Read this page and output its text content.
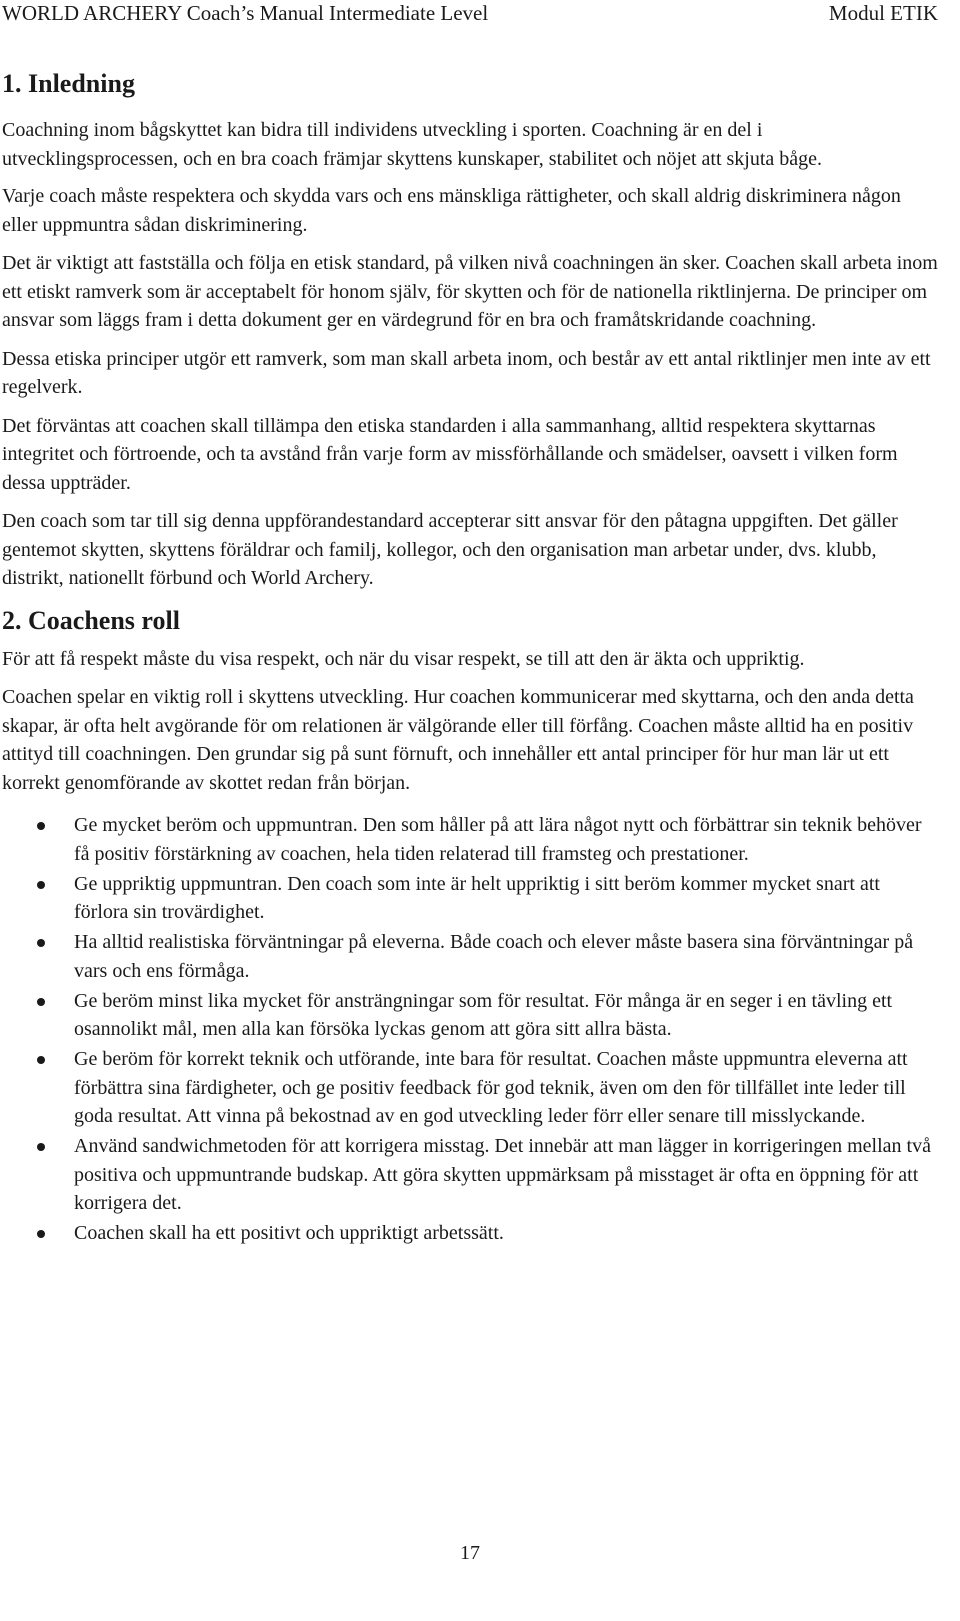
WORLD ARCHERY Coach’s Manual Intermediate Level	Modul ETIK
1. Inledning

Coachning inom bågskyttet kan bidra till individens utveckling i sporten. Coachning är en del i utvecklingsprocessen, och en bra coach främjar skyttens kunskaper, stabilitet och nöjet att skjuta båge.

Varje coach måste respektera och skydda vars och ens mänskliga rättigheter, och skall aldrig diskriminera någon eller uppmuntra sådan diskriminering.

Det är viktigt att fastställa och följa en etisk standard, på vilken nivå coachningen än sker. Coachen skall arbeta inom ett etiskt ramverk som är acceptabelt för honom själv, för skytten och för de nationella riktlinjerna. De principer om ansvar som läggs fram i detta dokument ger en värdegrund för en bra och framåtskridande coachning.

Dessa etiska principer utgör ett ramverk, som man skall arbeta inom, och består av ett antal riktlinjer men inte av ett regelverk.

Det förväntas att coachen skall tillämpa den etiska standarden i alla sammanhang, alltid respektera skyttarnas integritet och förtroende, och ta avstånd från varje form av missförhållande och smädelser, oavsett i vilken form dessa uppträder.

Den coach som tar till sig denna uppförandestandard accepterar sitt ansvar för den påtagna uppgiften. Det gäller gentemot skytten, skyttens föräldrar och familj, kollegor, och den organisation man arbetar under, dvs. klubb, distrikt, nationellt förbund och World Archery.

2. Coachens roll

För att få respekt måste du visa respekt, och när du visar respekt, se till att den är äkta och uppriktig.

Coachen spelar en viktig roll i skyttens utveckling. Hur coachen kommunicerar med skyttarna, och den anda detta skapar, är ofta helt avgörande för om relationen är välgörande eller till förfång. Coachen måste alltid ha en positiv attityd till coachningen. Den grundar sig på sunt förnuft, och innehåller ett antal principer för hur man lär ut ett korrekt genomförande av skottet redan från början.

Ge mycket beröm och uppmuntran. Den som håller på att lära något nytt och förbättrar sin teknik behöver få positiv förstärkning av coachen, hela tiden relaterad till framsteg och prestationer.
Ge uppriktig uppmuntran. Den coach som inte är helt uppriktig i sitt beröm kommer mycket snart att förlora sin trovärdighet.
Ha alltid realistiska förväntningar på eleverna. Både coach och elever måste basera sina förväntningar på vars och ens förmåga.
Ge beröm minst lika mycket för ansträngningar som för resultat. För många är en seger i en tävling ett osannolikt mål, men alla kan försöka lyckas genom att göra sitt allra bästa.
Ge beröm för korrekt teknik och utförande, inte bara för resultat. Coachen måste uppmuntra eleverna att förbättra sina färdigheter, och ge positiv feedback för god teknik, även om den för tillfället inte leder till goda resultat. Att vinna på bekostnad av en god utveckling leder förr eller senare till misslyckande.
Använd sandwichmetoden för att korrigera misstag. Det innebär att man lägger in korrigeringen mellan två positiva och uppmuntrande budskap. Att göra skytten uppmärksam på misstaget är ofta en öppning för att korrigera det.
Coachen skall ha ett positivt och uppriktigt arbetssätt.
17
